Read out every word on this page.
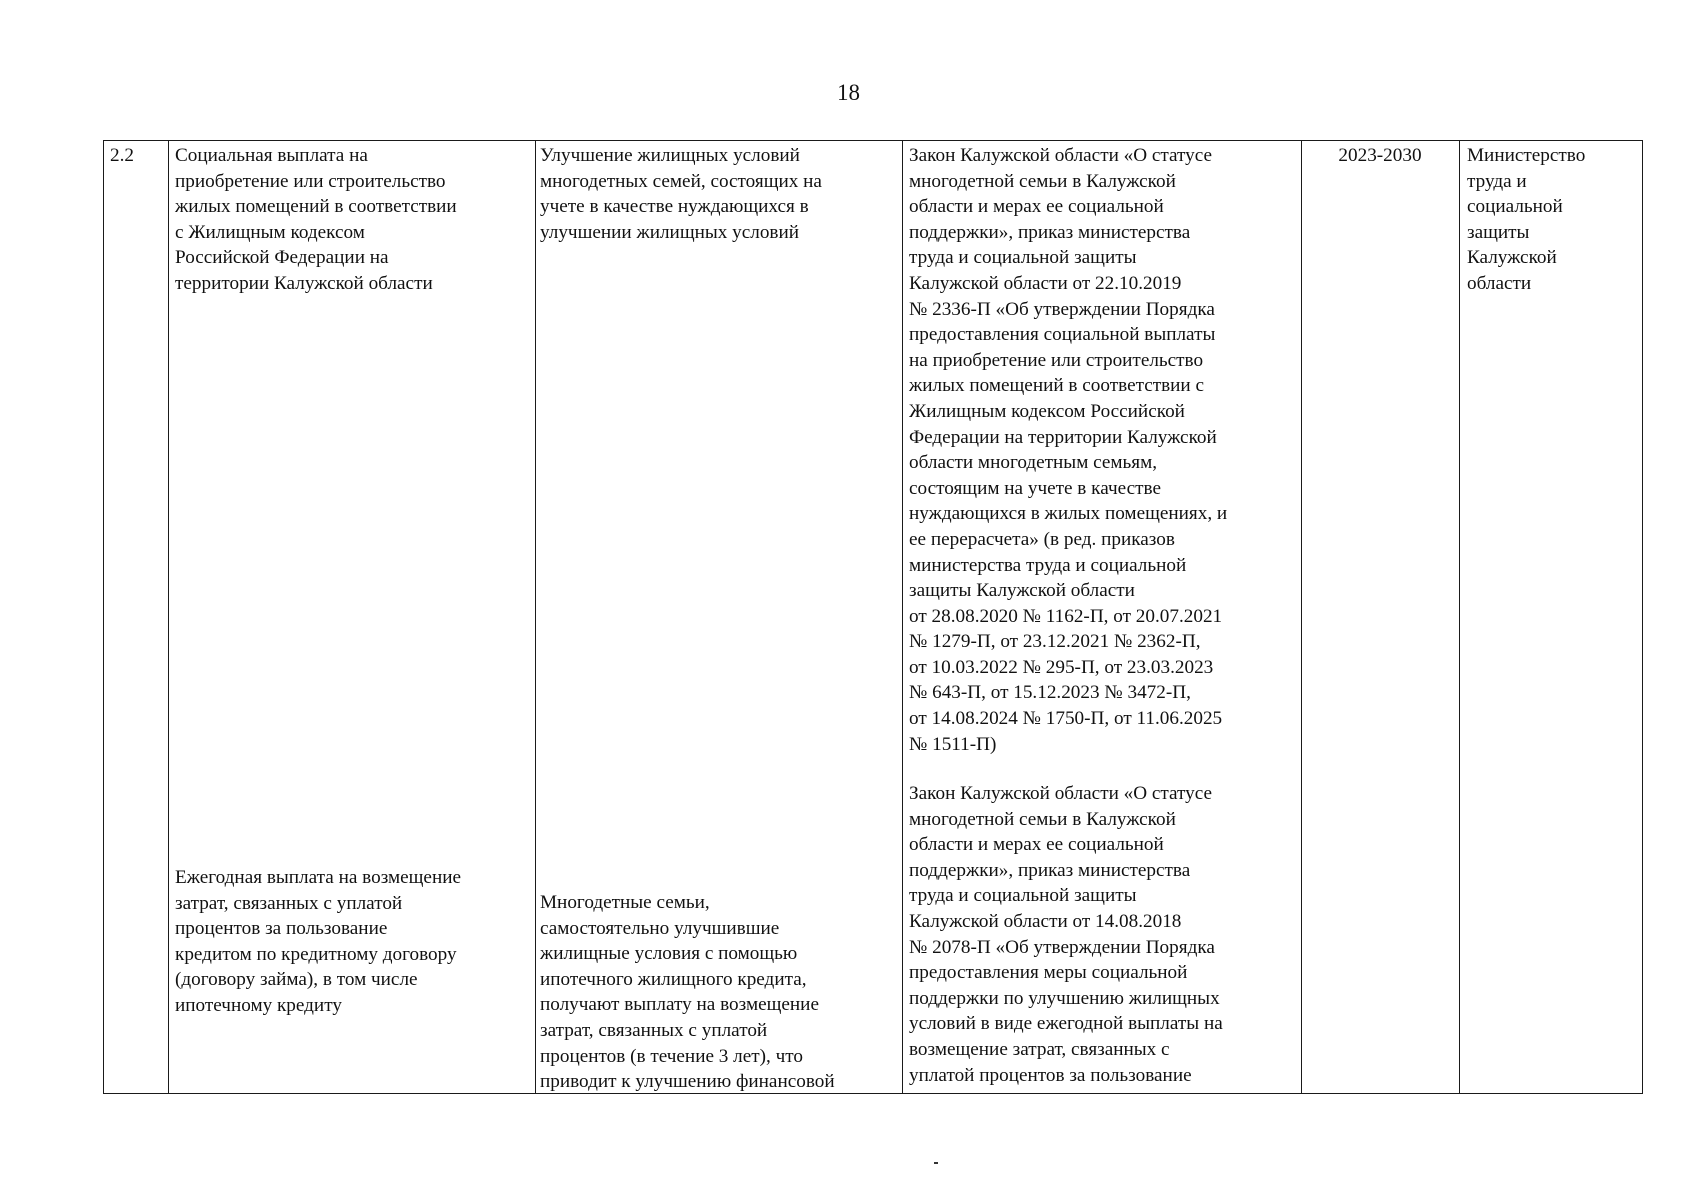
18
2.2 Социальная выплата на
приобретение или строительство
жилых помещений в соответствии
с Жилищным кодексом
Российской Федерации на
территории Калужской области
Ежегодная выплата на возмещение
затрат, связанных с уплатой
процентов за пользование
кредитом по кредитному договору
(договору займа), в том числе
ипотечному кредиту
Улучшение жилищных условий
многодетных семей, состоящих на
учете в качестве нуждающихся в
улучшении жилищных условий
Многодетные семьи,
самостоятельно улучшившие
жилищные условия с помощью
ипотечного жилищного кредита,
получают выплату на возмещение
затрат, связанных с уплатой
процентов (в течение 3 лет), что
приводит к улучшению финансовой
Закон Калужской области «О статусе
многодетной семьи в Калужской
области и мерах ее социальной
поддержки», приказ министерства
труда и социальной защиты
Калужской области от 22.10.2019
№ 2336-П «Об утверждении Порядка
предоставления социальной выплаты
на приобретение или строительство
жилых помещений в соответствии с
Жилищным кодексом Российской
Федерации на территории Калужской
области многодетным семьям,
состоящим на учете в качестве
нуждающихся в жилых помещениях, и
ее перерасчета» (в ред. приказов
министерства труда и социальной
защиты Калужской области
от 28.08.2020 № 1162-П, от 20.07.2021
№ 1279-П, от 23.12.2021 № 2362-П,
от 10.03.2022 № 295-П, от 23.03.2023
№ 643-П, от 15.12.2023 № 3472-П,
от 14.08.2024 № 1750-П, от 11.06.2025
№ 1511-П)
Закон Калужской области «О статусе
многодетной семьи в Калужской
области и мерах ее социальной
поддержки», приказ министерства
труда и социальной защиты
Калужской области от 14.08.2018
№ 2078-П «Об утверждении Порядка
предоставления меры социальной
поддержки по улучшению жилищных
условий в виде ежегодной выплаты на
возмещение затрат, связанных с
уплатой процентов за пользование
2023-2030	Министерство
труда и
социальной
защиты
Калужской
области
